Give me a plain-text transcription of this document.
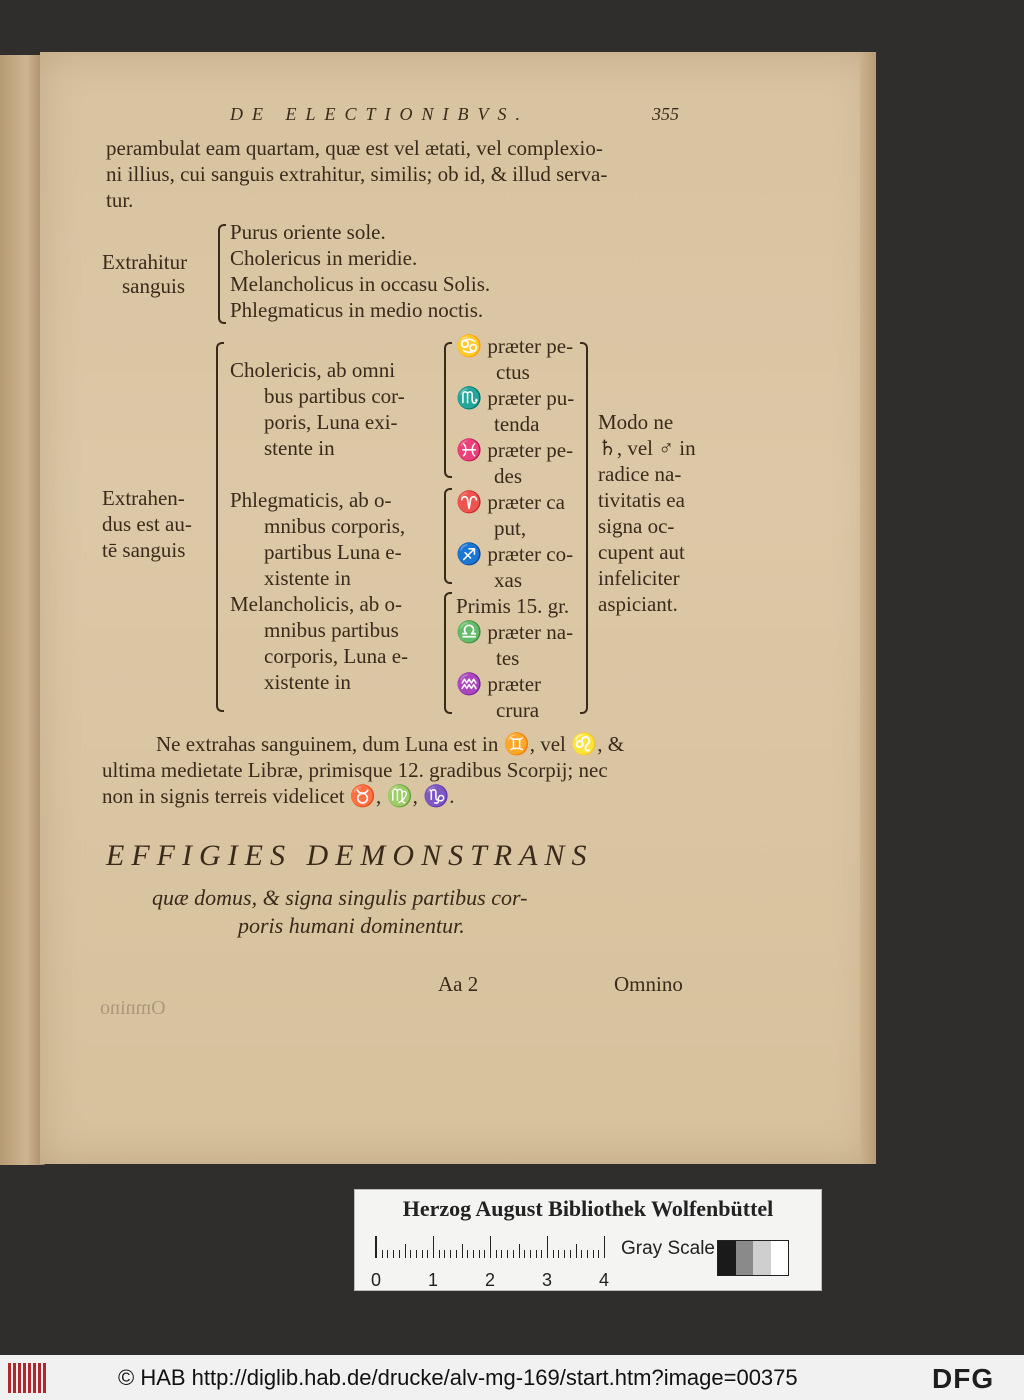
DE ELECTIONIBVS.	355
perambulat eam quartam, quæ est vel ætati, vel complexio-
ni illius, cui sanguis extrahitur, similis; ob id, & illud serva-
tur.
Extrahitur
sanguis
Purus oriente sole.
Cholericus in meridie.
Melancholicus in occasu Solis.
Phlegmaticus in medio noctis.
Extrahen-
dus est au-
tē sanguis
Cholericis, ab omni
bus partibus cor-
poris, Luna exi-
stente in
Phlegmaticis, ab o-
mnibus corporis,
partibus Luna e-
xistente in
Melancholicis, ab o-
mnibus partibus
corporis, Luna e-
xistente in
♋ præter pe-
ctus
♏ præter pu-
tenda
♓ præter pe-
des
♈ præter ca
put,
♐ præter co-
xas
Primis 15. gr.
♎ præter na-
tes
♒ præter
crura
Modo ne
♄, vel ♂ in
radice na-
tivitatis ea
signa oc-
cupent aut
infeliciter
aspiciant.
Ne extrahas sanguinem, dum Luna est in ♊, vel ♌, &
ultima medietate Libræ, primisque 12. gradibus Scorpij; nec
non in signis terreis videlicet ♉, ♍, ♑.
EFFIGIES DEMONSTRANS
quæ domus, & signa singulis partibus cor-
poris humani dominentur.
Aa 2	Omnino
Omnino
Herzog August Bibliothek Wolfenbüttel
0	1	2	3	4
Gray Scale
© HAB http://diglib.hab.de/drucke/alv-mg-169/start.htm?image=00375	DFG
